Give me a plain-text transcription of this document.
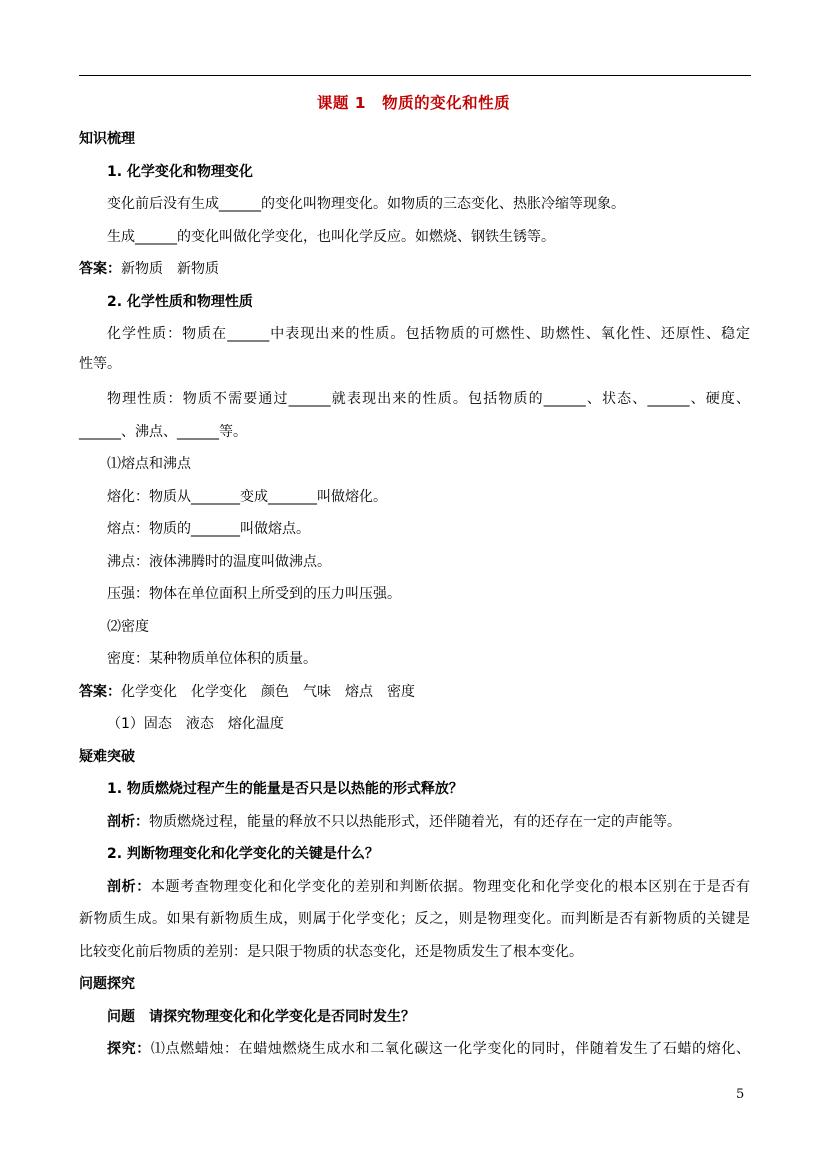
课题 1　物质的变化和性质
知识梳理
1. 化学变化和物理变化
变化前后没有生成______的变化叫物理变化。如物质的三态变化、热胀冷缩等现象。
生成______的变化叫做化学变化，也叫化学反应。如燃烧、钢铁生锈等。
答案：新物质　新物质
2. 化学性质和物理性质
化学性质：物质在______中表现出来的性质。包括物质的可燃性、助燃性、氧化性、还原性、稳定
性等。
物理性质：物质不需要通过______就表现出来的性质。包括物质的______、状态、______、硬度、
______、沸点、______等。
⑴熔点和沸点
熔化：物质从_______变成_______叫做熔化。
熔点：物质的_______叫做熔点。
沸点：液体沸腾时的温度叫做沸点。
压强：物体在单位面积上所受到的压力叫压强。
⑵密度
密度：某种物质单位体积的质量。
答案：化学变化　化学变化　颜色　气味　熔点　密度
（1）固态　液态　熔化温度
疑难突破
1. 物质燃烧过程产生的能量是否只是以热能的形式释放？
剖析：物质燃烧过程，能量的释放不只以热能形式，还伴随着光，有的还存在一定的声能等。
2. 判断物理变化和化学变化的关键是什么？
剖析：本题考查物理变化和化学变化的差别和判断依据。物理变化和化学变化的根本区别在于是否有
新物质生成。如果有新物质生成，则属于化学变化；反之，则是物理变化。而判断是否有新物质的关键是
比较变化前后物质的差别：是只限于物质的状态变化，还是物质发生了根本变化。
问题探究
问题　请探究物理变化和化学变化是否同时发生？
探究：⑴点燃蜡烛：在蜡烛燃烧生成水和二氧化碳这一化学变化的同时，伴随着发生了石蜡的熔化、
5
